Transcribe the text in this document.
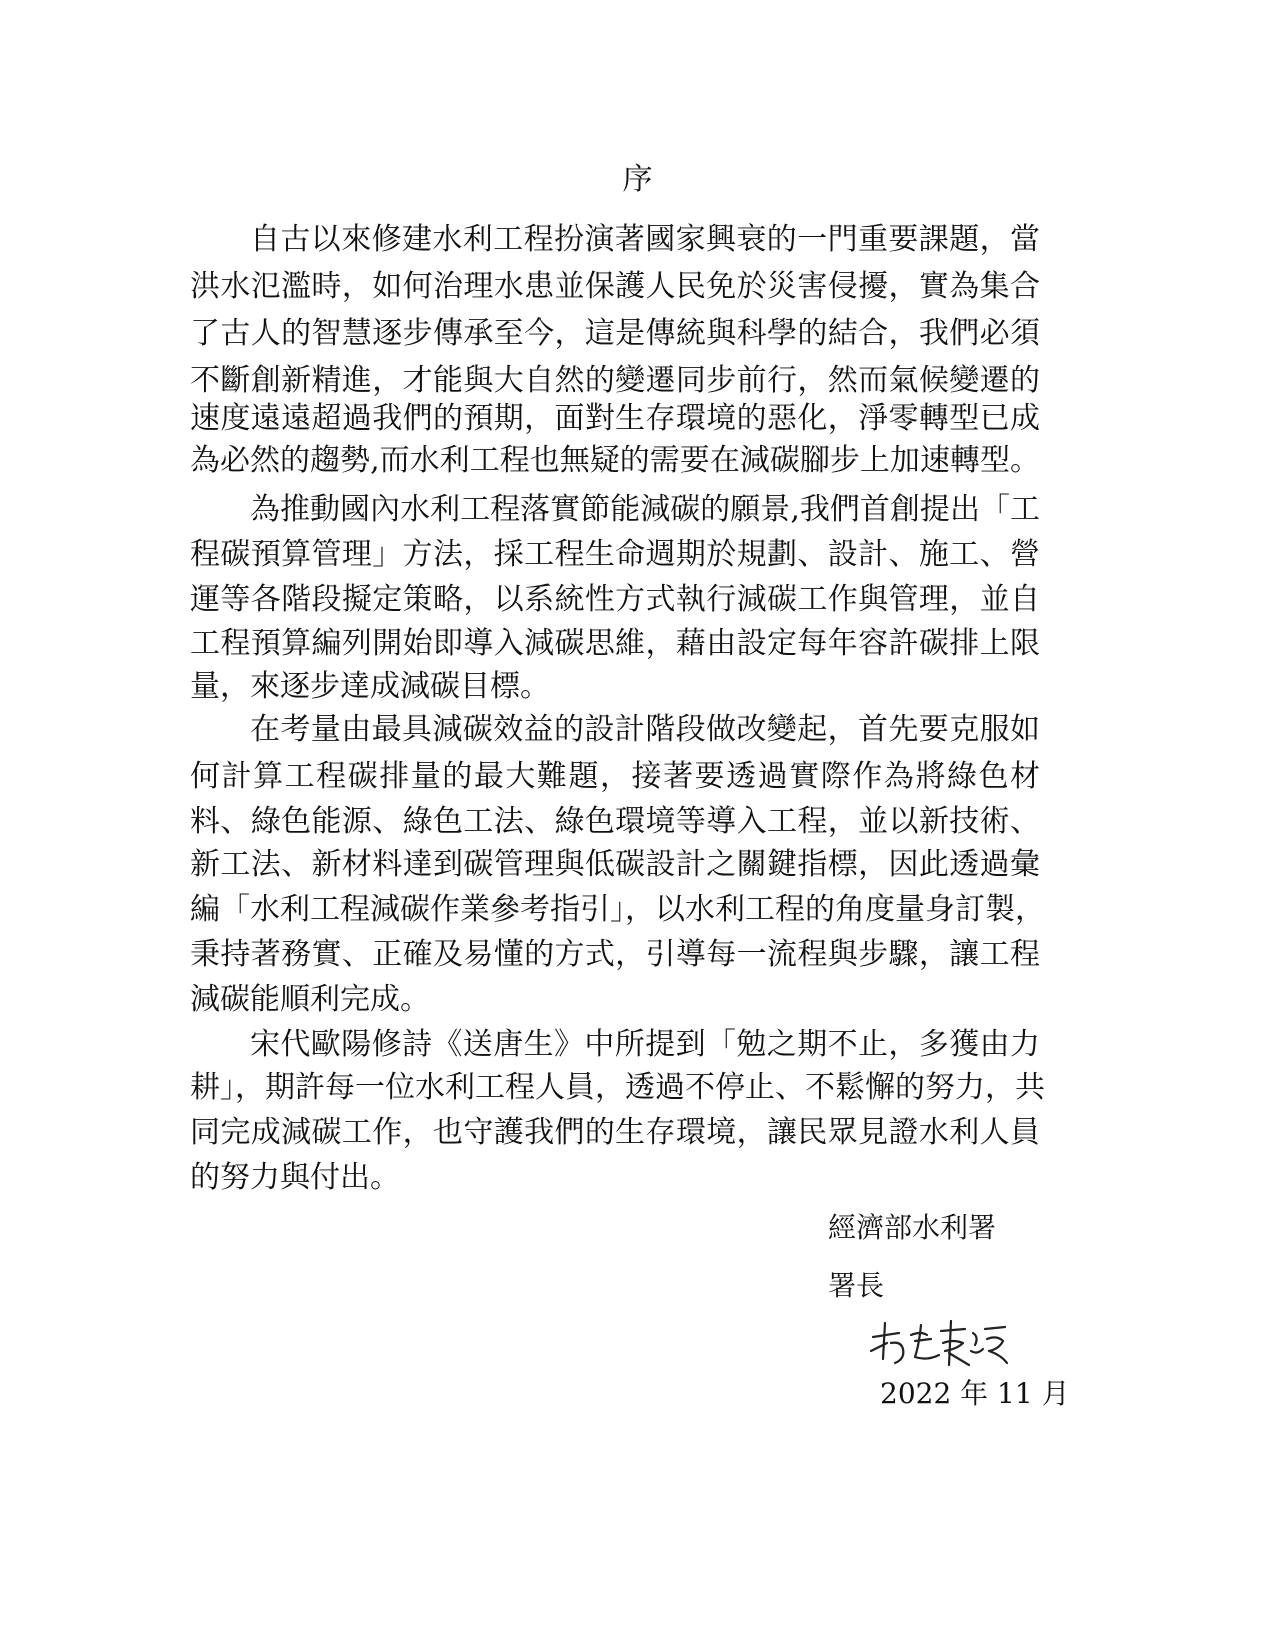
序
自古以來修建水利工程扮演著國家興衰的一門重要課題，當
洪水氾濫時，如何治理水患並保護人民免於災害侵擾，實為集合
了古人的智慧逐步傳承至今，這是傳統與科學的結合，我們必須
不斷創新精進，才能與大自然的變遷同步前行，然而氣候變遷的
速度遠遠超過我們的預期，面對生存環境的惡化，淨零轉型已成
為必然的趨勢,而水利工程也無疑的需要在減碳腳步上加速轉型。
為推動國內水利工程落實節能減碳的願景,我們首創提出「工
程碳預算管理」方法，採工程生命週期於規劃、設計、施工、營
運等各階段擬定策略，以系統性方式執行減碳工作與管理，並自
工程預算編列開始即導入減碳思維，藉由設定每年容許碳排上限
量，來逐步達成減碳目標。
在考量由最具減碳效益的設計階段做改變起，首先要克服如
何計算工程碳排量的最大難題，接著要透過實際作為將綠色材
料、綠色能源、綠色工法、綠色環境等導入工程，並以新技術、
新工法、新材料達到碳管理與低碳設計之關鍵指標，因此透過彙
編「水利工程減碳作業參考指引」，以水利工程的角度量身訂製，
秉持著務實、正確及易懂的方式，引導每一流程與步驟，讓工程
減碳能順利完成。
宋代歐陽修詩《送唐生》中所提到「勉之期不止，多獲由力
耕」，期許每一位水利工程人員，透過不停止、不鬆懈的努力，共
同完成減碳工作，也守護我們的生存環境，讓民眾見證水利人員
的努力與付出。
經濟部水利署
署長
2022 年 11 月
